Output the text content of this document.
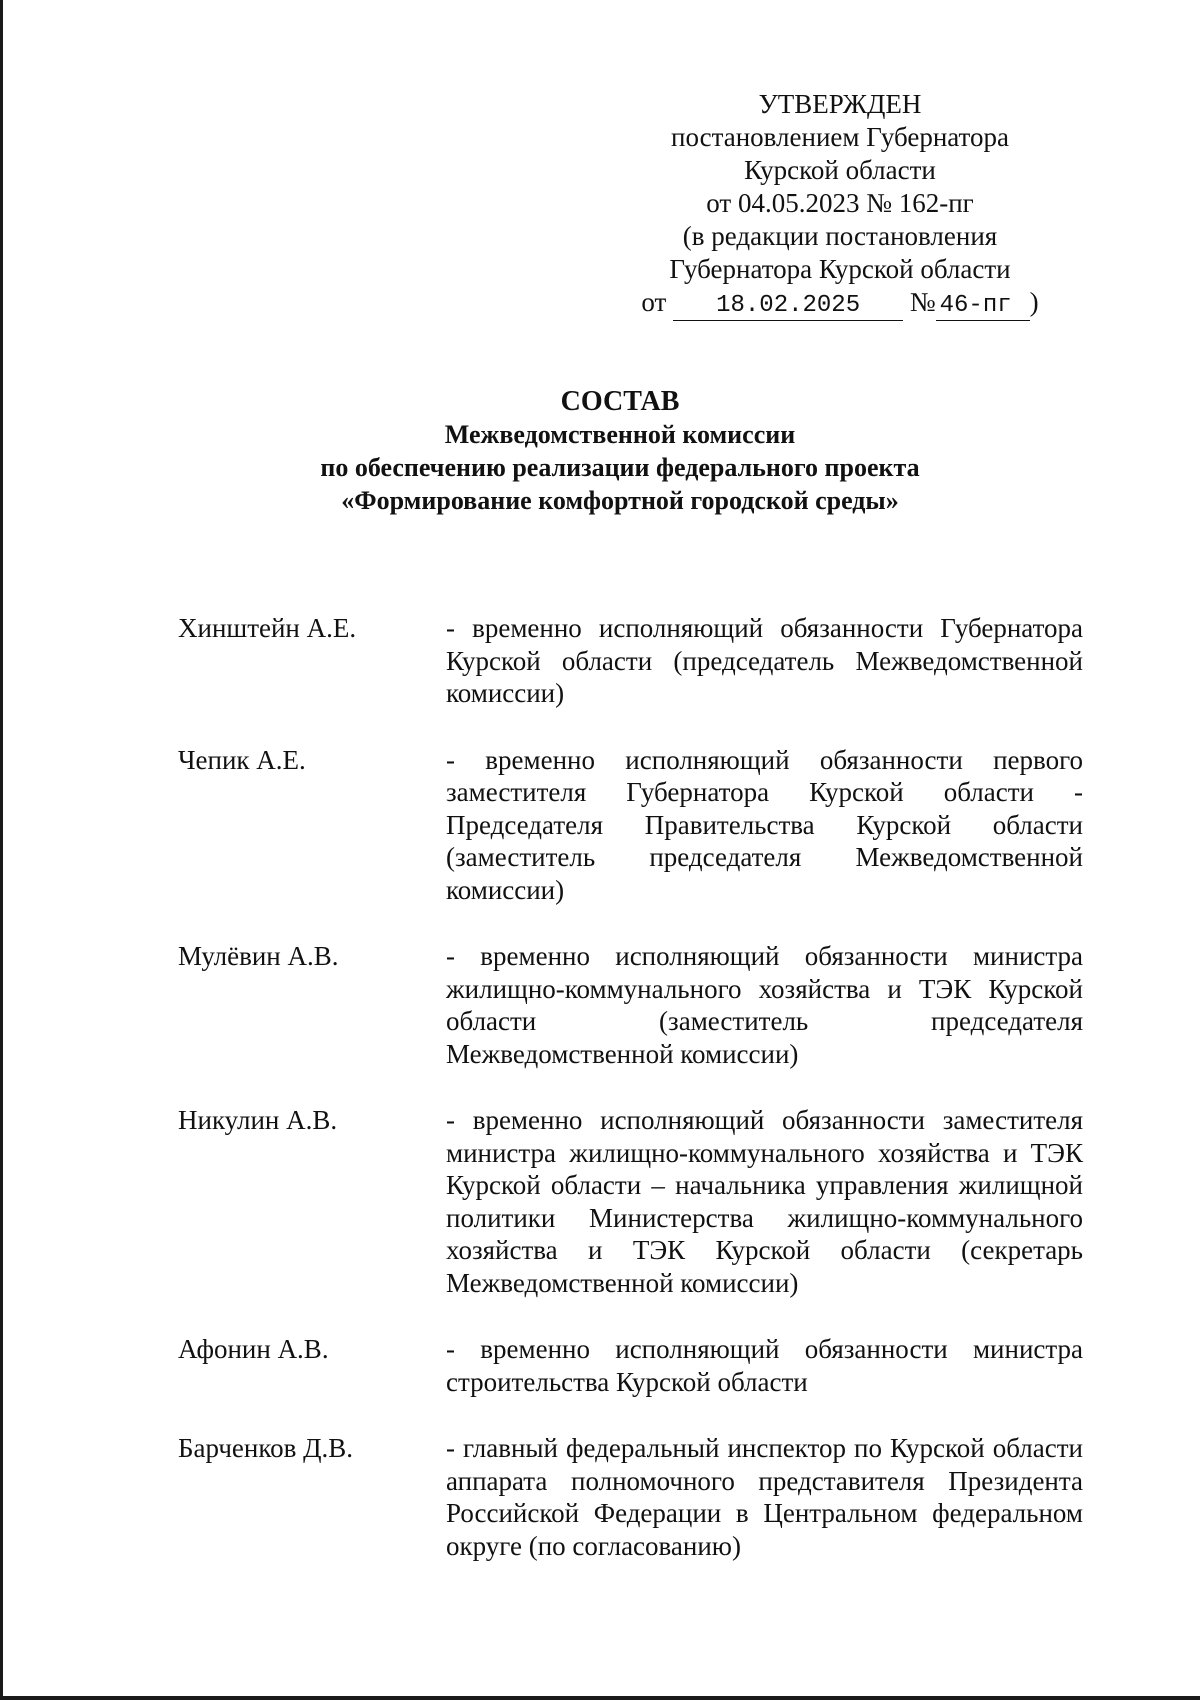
УТВЕРЖДЕН
постановлением Губернатора
Курской области
от 04.05.2023 № 162-пг
(в редакции постановления
Губернатора Курской области
от 18.02.2025 № 46-пг )
СОСТАВ
Межведомственной комиссии
по обеспечению реализации федерального проекта
«Формирование комфортной городской среды»
Хинштейн А.Е.	- временно исполняющий обязанности Губернатора Курской области (председатель Межведомственной комиссии)
Чепик А.Е.	- временно исполняющий обязанности первого заместителя Губернатора Курской области - Председателя Правительства Курской области (заместитель председателя Межведомственной комиссии)
Мулёвин А.В.	- временно исполняющий обязанности министра жилищно-коммунального хозяйства и ТЭК Курской области (заместитель председателя Межведомственной комиссии)
Никулин А.В.	- временно исполняющий обязанности заместителя министра жилищно-коммунального хозяйства и ТЭК Курской области – начальника управления жилищной политики Министерства жилищно-коммунального хозяйства и ТЭК Курской области (секретарь Межведомственной комиссии)
Афонин А.В.	- временно исполняющий обязанности министра строительства Курской области
Барченков Д.В.	- главный федеральный инспектор по Курской области аппарата полномочного представителя Президента Российской Федерации в Центральном федеральном округе (по согласованию)
